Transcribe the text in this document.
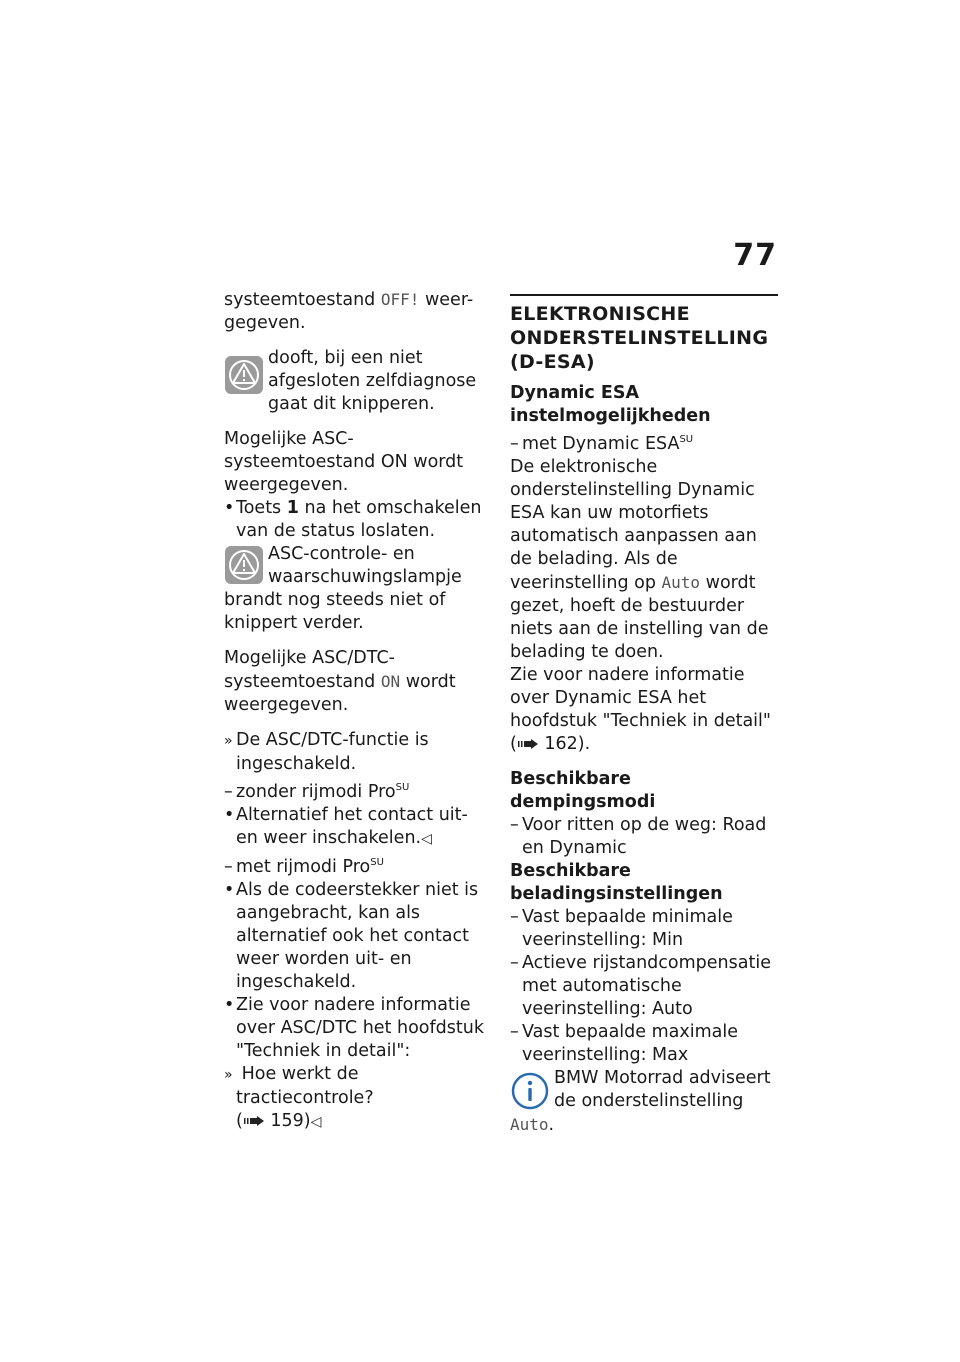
77

systeemtoestand OFF! weer-gegeven.

dooft, bij een niet afgesloten zelfdiagnose gaat dit knipperen.

Mogelijke ASC-systeemtoestand ON wordt weergegeven.

• Toets 1 na het omschakelen van de status loslaten.

ASC-controle- en waarschuwingslampje brandt nog steeds niet of knippert verder.

Mogelijke ASC/DTC-systeemtoestand ON wordt weergegeven.

» De ASC/DTC-functie is ingeschakeld.

– zonder rijmodi Pro$^{SU}$

• Alternatief het contact uit- en weer inschakelen.◁

– met rijmodi Pro$^{SU}$

• Als de codeerstekker niet is aangebracht, kan als alternatief ook het contact weer worden uit- en ingeschakeld.

• Zie voor nadere informatie over ASC/DTC het hoofdstuk "Techniek in detail":

» Hoe werkt de tractiecontrole?
( 159)◁

ELEKTRONISCHE ONDERSTELINSTELLING (D-ESA)
Dynamic ESA instelmogelijkheden

– met Dynamic $ESA^{SU}$

De elektronische onderstelinstelling Dynamic ESA kan uw motorfiets automatisch aanpassen aan de belading. Als de veerinstelling op Auto wordt gezet, hoeft de bestuurder niets aan de instelling van de belading te doen.

Zie voor nadere informatie over Dynamic ESA het hoofdstuk "Techniek in detail" ( 162).

Beschikbare dempingsmodi

– Voor ritten op de weg: Road en Dynamic

Beschikbare beladingsinstellingen

– Vast bepaalde minimale veerinstelling: Min

– Actieve rijstandcompensatie met automatische veerinstelling: Auto

– Vast bepaalde maximale veerinstelling: Max

BMW Motorrad adviseert de onderstelinstelling Auto.
